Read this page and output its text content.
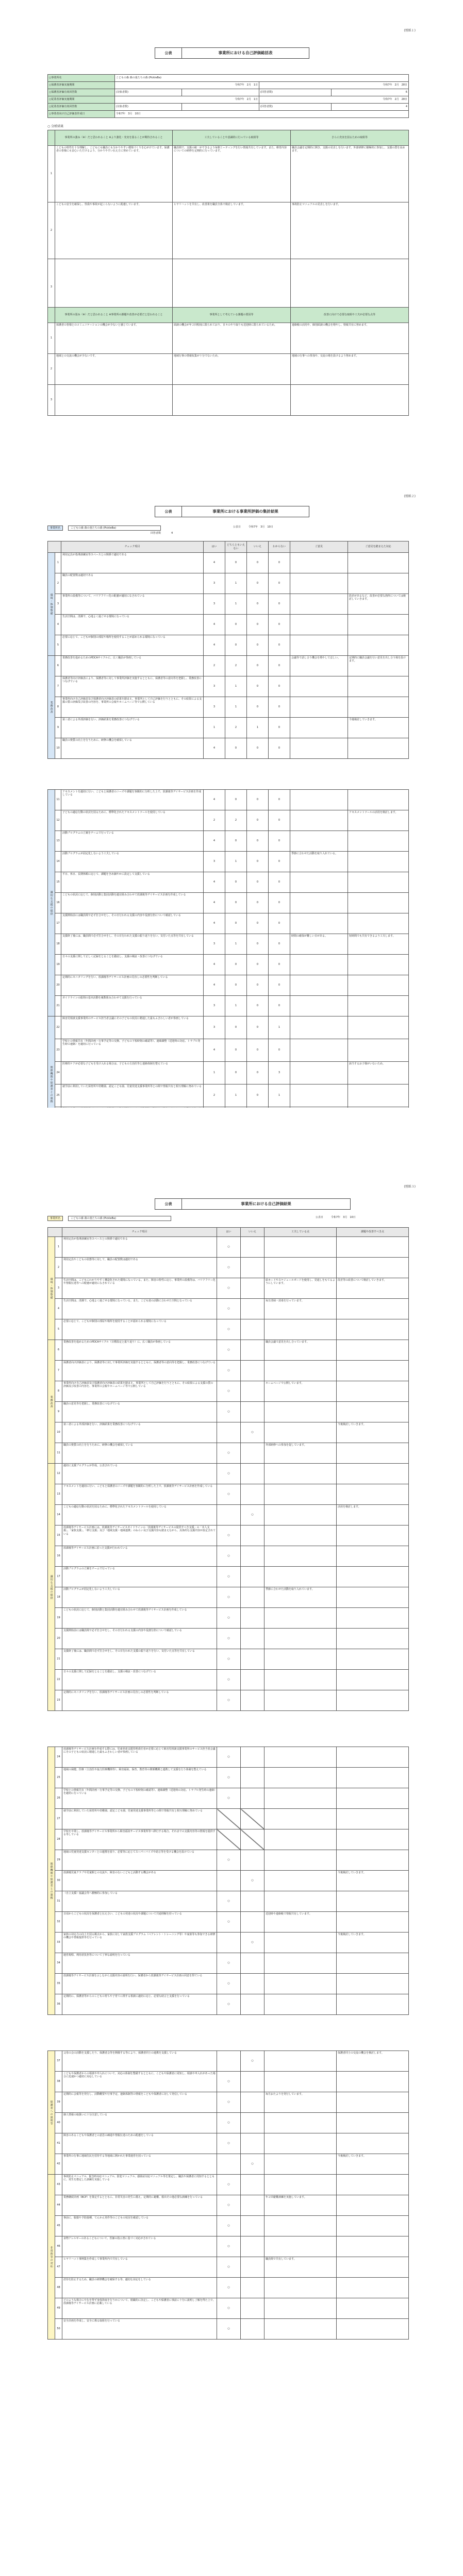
(別紙１)
公表	事業所における自己評価総括表
○事業所名	こどもの森 森の童たちの森 (PickleBa)			
○保護者評価実施期間	令和7年　2月　1日		令和7年　2月　28日	
○保護者評価有効回答数	(対象者数)		(回答者数)	6
○従業者評価実施期間	令和7年　2月　1日		令和7年　2月　28日	
○従業者評価有効回答数	(対象者数)		(回答者数)	4
○事業者向け自己評価表作成日	令和7年　3月　10日			
○ 分析結果
	事業所の強み（※）だと思われること ※より強化・充実を図ることが期待されること	工夫していることや意識的に行っている取組等	さらに充実を図るための取組等
1	こどもの特性を十分理解し、こどもにも職員にも分かりやすい環境づくりを心がけています。保護者の皆様にも安心いただけるよう、分かりやすい伝え方に努めています。	職員間で、支援の統一ができるよう毎朝ミーティングを行い情報共有しています。また、療育内容についての研修を定期的に行っています。	職員会議を定期的に開き、支援の見直しを行います。外部研修に積極的に参加し、支援の質を高めます。
2	こどもの安全を確保し、怪我や事故が起こらないように配慮しています。	ヒヤリハットを共有し、改善策を職員全体で検討しています。	事故防止マニュアルの見直しを行います。
3			
	事業所の弱み（※）だと思われること ※事業所の課題や改善が必要だと思われること	事業所として考えている課題の要因等	改善に向けて必要な取組や工夫が必要な点等
1	保護者の皆様とのコミュニケーションの機会が少ないと感じています。	面談の機会が年２回程度に限られており、日々のやり取りも送迎時に限られているため。	連絡帳の活用や、個別面談の機会を増やし、情報共有に努めます。
2	地域との交流の機会が少ないです。	地域行事の情報収集が十分でないため。	地域の行事への参加や、交流の場を設けるよう努めます。
3			
(別紙２)
公表	事業所における事業所評価の集計結果
事業所名	こどもの森 森の童たちの森 (PickleBa)	公表日	令和7年　3月　10日
回答者数	4
		チェック項目	はい	どちらともいえない	いいえ	わからない	ご意見	ご意見を踏まえた対応
環境・体制整備	1	利用定員が指導訓練室等スペースとの関係で適切である	4	0	0	0		
	2	職員の配置数は適切である	3	1	0	0		
	3	事業所の設備等について、バリアフリー化の配慮が適切になされている	3	1	0	0		段差があるなど、改善が必要な箇所については検討していきます。
	4	生活空間は、清潔で、心地よく過ごせる環境になっている	4	0	0	0		
	5	必要に応じて、こどもが個別の部屋や場所を使用することが認められる環境になっている	4	0	0	0		
業務改善	6	業務改善を進めるためのPDCAサイクルに、広く職員が参画している	2	2	0	0	会議等で話し合う機会を増やしてほしい。	定期的に職員会議を行い意見を出し合う場を設けます。
	7	保護者等向け評価表により、保護者等に対して事業所評価を実施するとともに、保護者等の意向等を把握し、業務改善につなげている	3	1	0	0		
	8	事業所向け自己評価表及び保護者向け評価表の結果を踏まえ、事業所として自己評価を行うとともに、その結果による支援の質の評価及び改善の内容を、事業所の会報やホームページ等で公開している	3	1	0	0		
	9	第三者による外部評価を行い、評価結果を業務改善につなげている	1	2	1	0		今後検討していきます。
	10	職員の資質の向上を行うために、研修の機会を確保している	4	0	0	0		

適切な支援の提供	11	アセスメントを適切に行い、こどもと保護者のニーズや課題を客観的に分析した上で、放課後等デイサービス計画を作成している	4	0	0	0		
	12	子どもの適応行動の状況を図るために、標準化されたアセスメントツールを使用している	2	2	0	0		アセスメントツールの活用を検討します。
	13	活動プログラムの立案をチームで行っている	4	0	0	0		
	14	活動プログラムが固定化しないよう工夫している	3	1	0	0	季節に合わせた活動を取り入れている。	
	15	平日、休日、長期休暇に応じて、課題をきめ細やかに設定して支援している	4	0	0	0		
	16	こどもの状況に応じて、個別活動と集団活動を適宜組み合わせて放課後等デイサービス計画を作成している	4	0	0	0		
	17	支援開始前には職員間で必ず打合せをし、その日行われる支援の内容や役割分担について確認している	4	0	0	0		
	18	支援終了後には、職員間で必ず打合せをし、その日行われた支援の振り返りを行い、気付いた点等を共有している	3	1	0	0	時間の確保が難しい日がある。	短時間でも共有できるよう工夫します。
	19	日々の支援に関して正しく記録をとることを徹底し、支援の検証・改善につなげている	4	0	0	0		
	20	定期的にモニタリングを行い、放課後等デイサービス計画の見直しの必要性を判断している	4	0	0	0		
	21	ガイドラインの総則の基本活動を複数組み合わせて支援を行っている	3	1	0	0		
関係機関や保護者との連携	22	障害児相談支援事業所のサービス担当者会議にその子どもの状況に精通した最もふさわしい者が参画している	3	0	0	1		
	23	学校との情報共有（年間計画・行事予定等の交換、子どもの下校時刻の確認等）、連絡調整（送迎時の対応、トラブル発生時の連絡）を適切に行っている	4	0	0	0		
	24	医療的ケアが必要な子どもを受け入れる場合は、子どもの主治医等と連絡体制を整えている	1	0	0	3		該当するお子様がいないため。
	25	就学前に利用していた保育所や幼稚園、認定こども園、児童発達支援事業所等との間で情報共有と相互理解に努めている	2	1	0	1		

(別紙３)
公表	事業所における自己評価結果
事業所名	こどもの森 森の童たちの森 (PickleBa)	公表日	令和7年　3月　10日
		チェック項目	はい	いいえ	工夫している点	課題や改善すべき点
環境・体制整備	1	利用定員が指導訓練室等スペースとの関係で適切である	○			
	2	利用定員やこどもの状態等に対して、職員の配置数は適切である	○			
	3	生活空間は、こどもにわかりやすく構造化された環境になっている。また、障害の特性に応じ、事業所の設備等は、バリアフリー化や情報伝達等への配慮が適切になされている	○		絵カードやスケジュールボードを使用し、見通しをもてるようにしています。	段差等の改善について検討していきます。
	4	生活空間は、清潔で、心地よく過ごせる環境になっている。また、こども達の活動に合わせた空間となっている	○		毎日清掃・消毒を行っています。	
	5	必要に応じて、こどもが個別の部屋や場所を使用することが認められる環境になっている	○			
業務改善	6	業務改善を進めるためのPDCAサイクル（目標設定と振り返り）に、広く職員が参画している	○		職員会議で意見を出し合っています。	
	7	保護者向け評価表により、保護者等に対して事業所評価を実施するとともに、保護者等の意向等を把握し、業務改善につなげている	○			
	8	事業所向け自己評価表及び保護者向け評価表の結果を踏まえ、事業所として自己評価を行うとともに、その結果による支援の質の評価及び改善の内容を、事業所の会報やホームページ等で公開している	○		ホームページで公開しています。	
	9	職員の意見等を把握し、業務改善につなげている	○			
	10	第三者による外部評価を行い、評価結果を業務改善につなげている		○		今後検討していきます。
	11	職員の資質の向上を行うために、研修の機会を確保している	○		外部研修への参加を促しています。	
適切な支援の提供	12	適切に支援プログラムが作成、公表されている	○			
	13	アセスメントを適切に行い、こどもと保護者のニーズや課題を客観的に分析した上で、放課後等デイサービス計画を作成している	○			
	14	こどもの適応行動の状況を図るために、標準化されたアセスメントツールを使用している		○		活用を検討します。
	15	放課後等デイサービス計画には、放課後等デイサービスガイドラインの「放課後等デイサービスの提供すべき支援」の「本人支援」、「家族支援」、「移行支援」及び「地域支援・地域連携」のねらい及び支援内容も踏まえながら、具体的な支援内容が設定されている	○			
	16	放課後等デイサービス計画に沿った支援が行われている	○			
	17	活動プログラムの立案をチームで行っている	○			
	18	活動プログラムが固定化しないよう工夫している	○		季節に合わせた活動を取り入れています。	
	19	こどもの状況に応じて、個別活動と集団活動を適宜組み合わせて放課後等デイサービス計画を作成している	○			
	20	支援開始前には職員間で必ず打合せをし、その日行われる支援の内容や役割分担について確認している	○			
	21	支援終了後には、職員間で必ず打合せをし、その日行われた支援の振り返りを行い、気付いた点等を共有している	○			
	22	日々の支援に関して記録をとることを徹底し、支援の検証・改善につなげている	○			
	23	定期的にモニタリングを行い、放課後等デイサービス計画の見直しの必要性を判断している	○			

関係機関や保護者との連携	24	放課後等デイサービス計画を作成する際には、児童発達支援管理責任者が必要に応じて障害児相談支援事業所のサービス担当者会議にその子どもの状況に精通した最もふさわしい者が参画している	○			
	25	地域の保健、医療（主治医や協力医療機関等）、障害福祉、保育、教育等の関係機関と連携して支援を行う体制を整えている	○			
	26	学校との情報共有（年間計画・行事予定等の交換、子どもの下校時刻の確認等）、連絡調整（送迎時の対応、トラブル発生時の連絡）を適切に行っている	○			
	27	就学前に利用していた保育所や幼稚園、認定こども園、児童発達支援事業所等との間で情報共有と相互理解に努めている				
	28	学校を卒業し、放課後等デイサービス事業所から障害福祉サービス事業所等へ移行する場合、それまでの支援内容等の情報を提供する等している				
	29	地域の児童発達支援センターとの連携を図り、必要等に応じてスーパーバイズや助言等を受ける機会を設けている	○			
	30	放課後児童クラブや児童館との交流や、障害のないこどもと活動する機会がある		○		今後検討していきます。
	31	（自立支援）協議会等へ積極的に参加している	○			
	32	日頃からこどもの状況を保護者と伝え合い、こどもの発達の状況や課題について共通理解を持っている	○		送迎時や連絡帳で情報共有しています。	
	33	家族の対応力の向上を図る観点から、家族に対して家族支援プログラム（ペアレント・トレーニング等）や家族等も参加できる研修の機会や情報提供等を行っている		○		今後検討していきます。
	34	運営規程、利用者負担等について丁寧な説明を行っている	○			
	35	放課後等デイサービス計画を示しながら支援内容の説明を行い、保護者から放課後等デイサービス計画の同意を得ている	○			
	36	定期的に、保護者等からのこどもの育ちや子育てに関する相談に適切に応じ、必要な助言と支援を行っている	○			

保護者への説明等	37	父母の会の活動を支援したり、保護者会等を開催する等により、保護者同士の連携を支援している		○		保護者同士の交流の機会を検討します。
	38	こどもや保護者からの相談や申入れについて、対応の体制を整備するとともに、こどもや保護者に周知し、相談や申入れがあった場合に迅速かつ適切に対応している	○			
	39	定期的に会報等を発行し、活動概要や行事予定、連絡体制等の情報をこどもや保護者に対して発信している	○		毎月おたよりを発行しています。	
	40	個人情報の取扱いに十分注意している	○			
	41	障害のあるこどもや保護者との意思の疎通や情報伝達のための配慮をしている	○			
	42	事業所の行事に地域住民を招待する等地域に開かれた事業運営を図っている		○		今後検討していきます。
非常時等の対応	43	事故防止マニュアル、緊急時対応マニュアル、防犯マニュアル、感染症対応マニュアル等を策定し、職員や保護者に周知するとともに、発生を想定した訓練を実施している	○			
	44	業務継続計画（BCP）を策定するとともに、非常災害の発生に備え、定期的に避難、救出その他必要な訓練を行っている	○		年２回避難訓練を実施しています。	
	45	事前に、服薬や予防接種、てんかん発作等のこどもの状況を確認している	○			
	46	食物アレルギーのあるこどもについて、医師の指示書に基づく対応がされている	○			
	47	ヒヤリハット事例集を作成して事業所内で共有している	○		職員間で共有しています。	
	48	虐待を防止するため、職員の研修機会を確保する等、適切な対応をしている	○			
	49	どのような場合にやむを得ず身体拘束を行うかについて、組織的に決定し、こどもや保護者に事前に十分に説明し了解を得た上で、放課後等デイサービス計画に記載している	○			
	50	安全計画を作成し、安全に係る取組を行っている	○			
